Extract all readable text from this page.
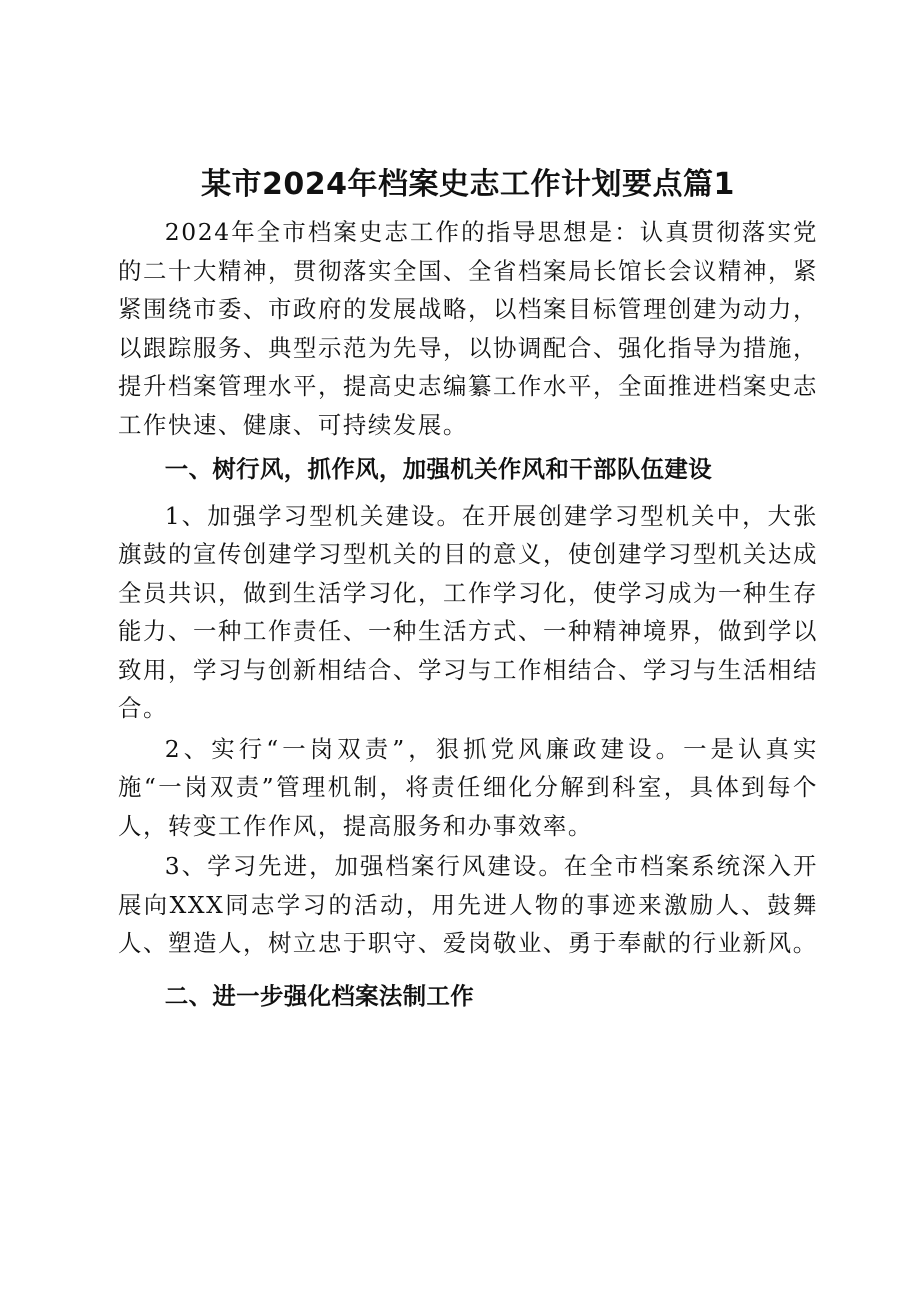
某市2024年档案史志工作计划要点篇1

2024年全市档案史志工作的指导思想是：认真贯彻落实党的二十大精神，贯彻落实全国、全省档案局长馆长会议精神，紧紧围绕市委、市政府的发展战略，以档案目标管理创建为动力，以跟踪服务、典型示范为先导，以协调配合、强化指导为措施，提升档案管理水平，提高史志编纂工作水平，全面推进档案史志工作快速、健康、可持续发展。

一、树行风，抓作风，加强机关作风和干部队伍建设

1、加强学习型机关建设。在开展创建学习型机关中，大张旗鼓的宣传创建学习型机关的目的意义，使创建学习型机关达成全员共识，做到生活学习化，工作学习化，使学习成为一种生存能力、一种工作责任、一种生活方式、一种精神境界，做到学以致用，学习与创新相结合、学习与工作相结合、学习与生活相结合。

2、实行“一岗双责”，狠抓党风廉政建设。一是认真实施“一岗双责”管理机制，将责任细化分解到科室，具体到每个人，转变工作作风，提高服务和办事效率。

3、学习先进，加强档案行风建设。在全市档案系统深入开展向XXX同志学习的活动，用先进人物的事迹来激励人、鼓舞人、塑造人，树立忠于职守、爱岗敬业、勇于奉献的行业新风。

二、进一步强化档案法制工作
